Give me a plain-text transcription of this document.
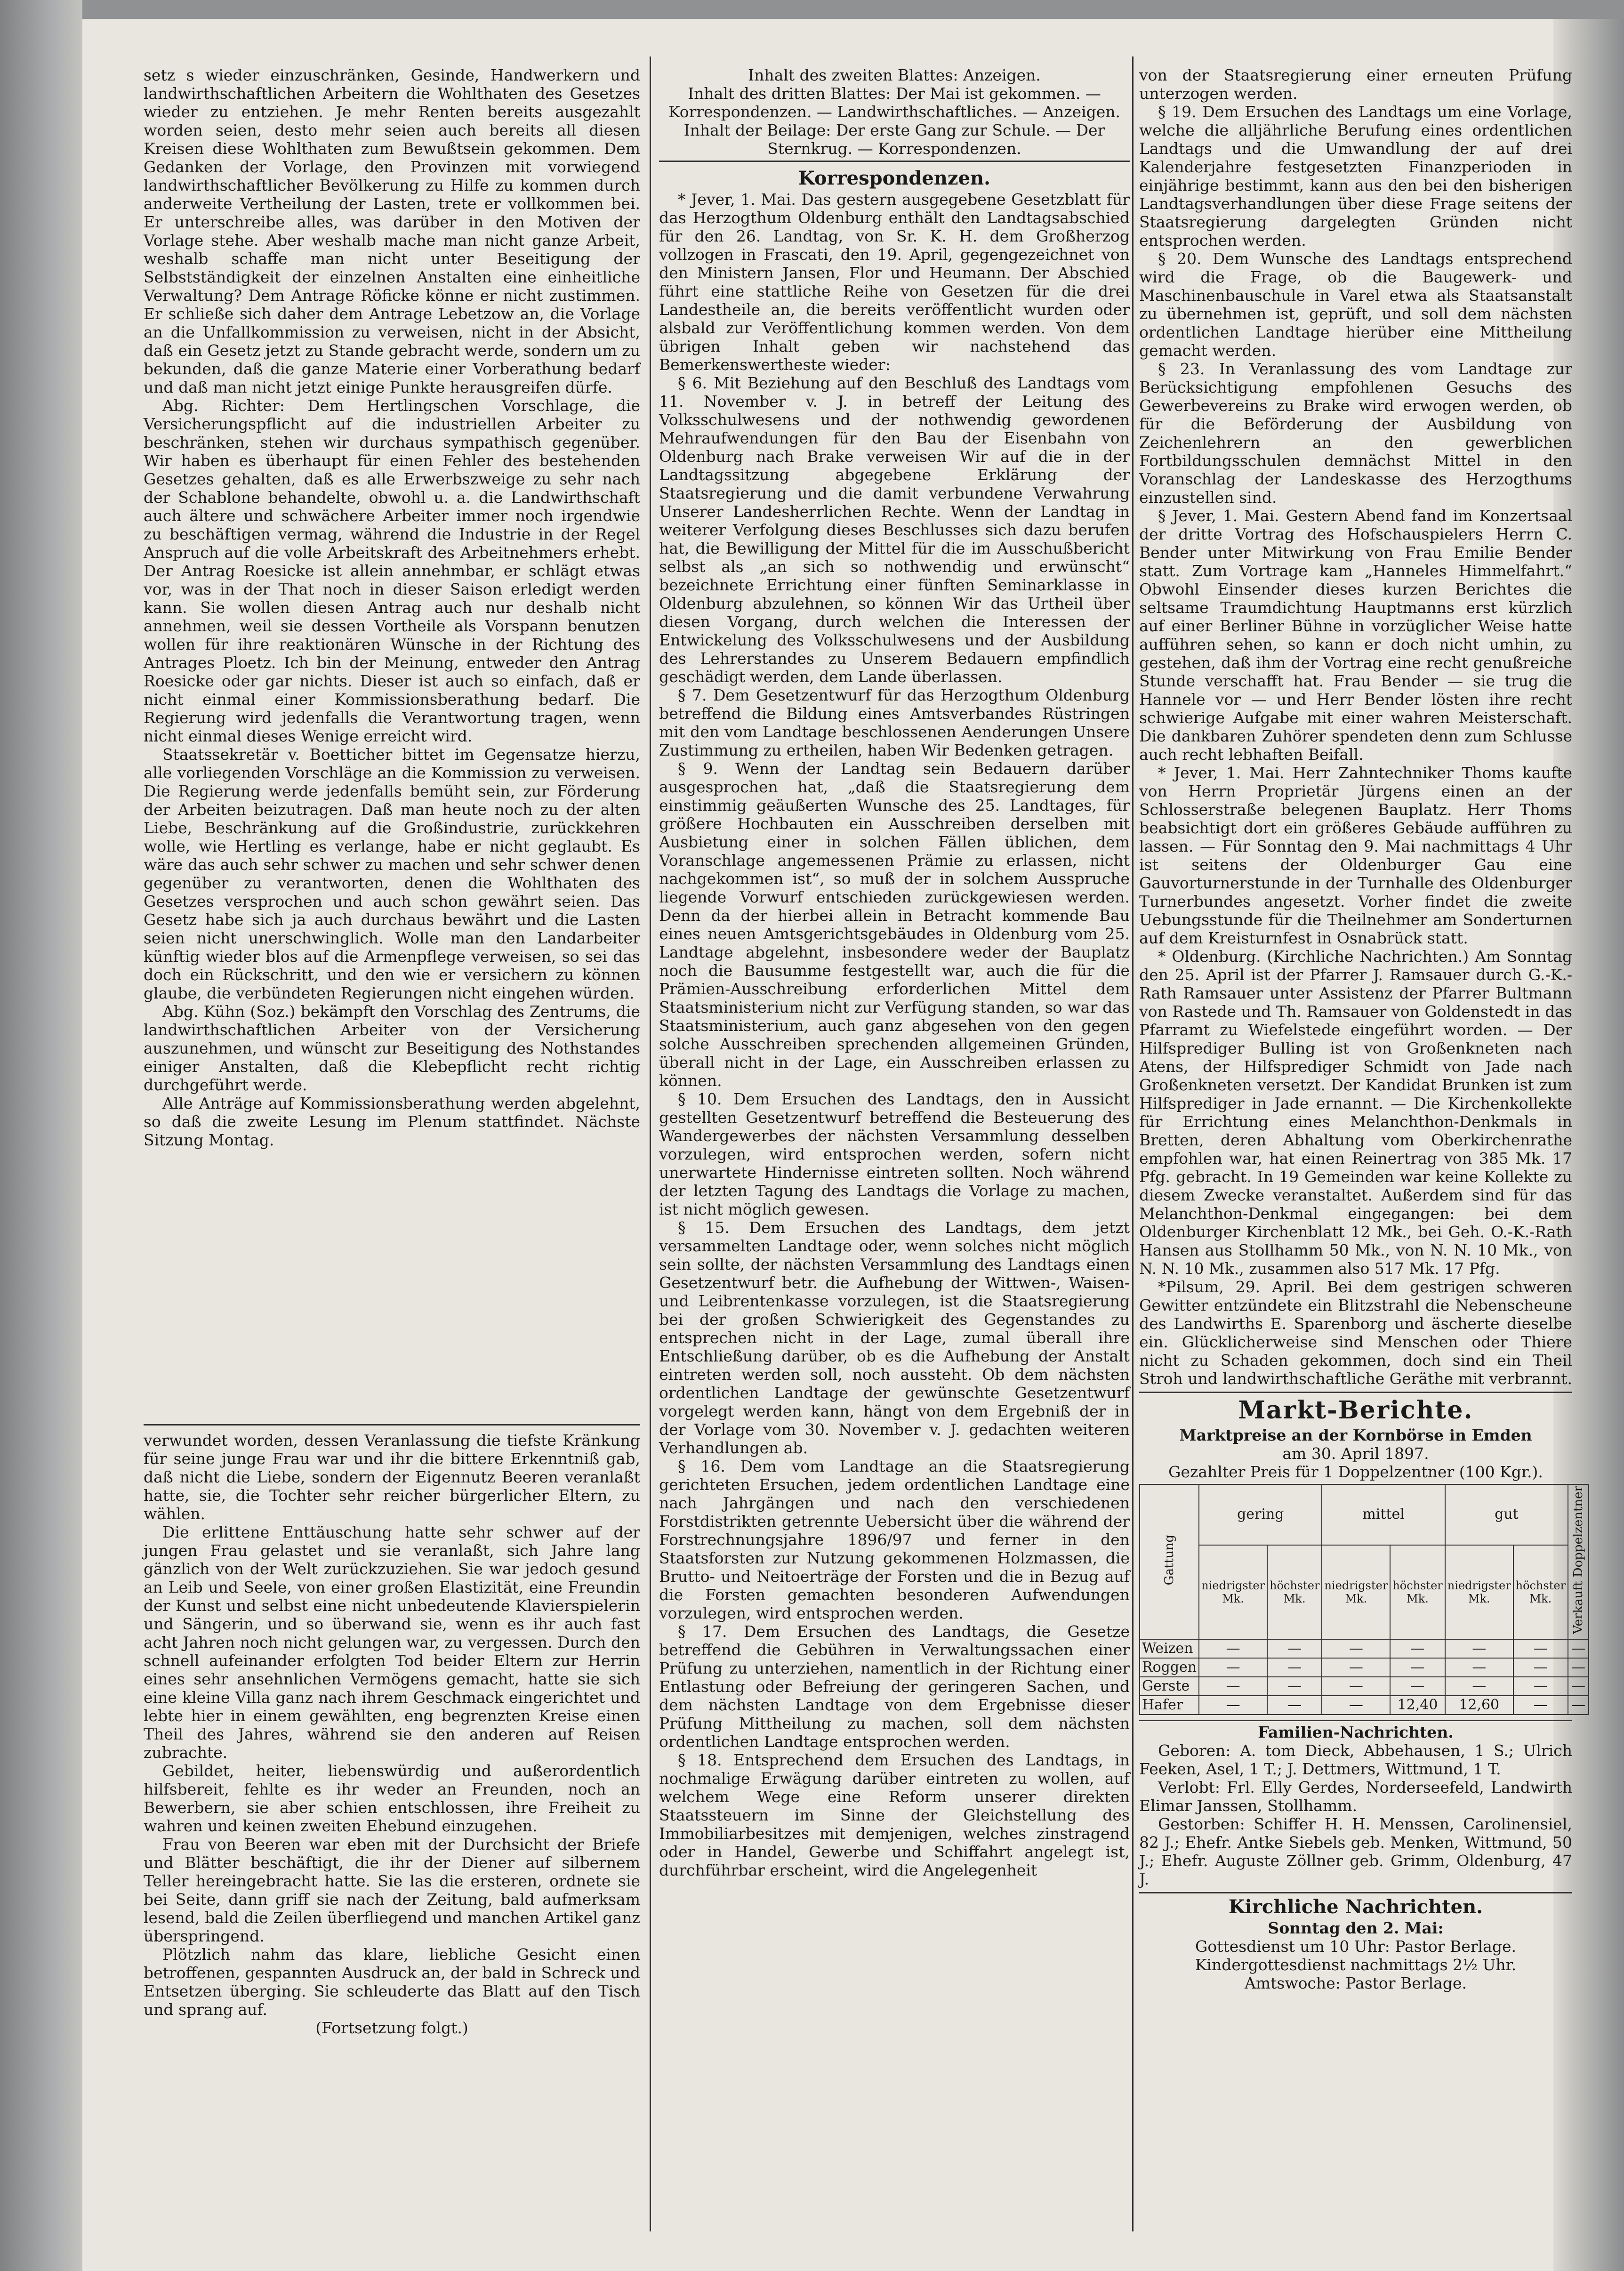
setz s wieder einzuschränken, Gesinde, Handwerkern und landwirthschaftlichen Arbeitern die Wohlthaten des Gesetzes wieder zu entziehen. Je mehr Renten bereits ausgezahlt worden seien, desto mehr seien auch bereits all diesen Kreisen diese Wohlthaten zum Bewußtsein gekommen. Dem Gedanken der Vorlage, den Provinzen mit vorwiegend landwirthschaftlicher Bevölkerung zu Hilfe zu kommen durch anderweite Vertheilung der Lasten, trete er vollkommen bei. Er unterschreibe alles, was darüber in den Motiven der Vorlage stehe. Aber weshalb mache man nicht ganze Arbeit, weshalb schaffe man nicht unter Beseitigung der Selbstständigkeit der einzelnen Anstalten eine einheitliche Verwaltung? Dem Antrage Röficke könne er nicht zustimmen. Er schließe sich daher dem Antrage Lebetzow an, die Vorlage an die Unfallkommission zu verweisen, nicht in der Absicht, daß ein Gesetz jetzt zu Stande gebracht werde, sondern um zu bekunden, daß die ganze Materie einer Vorberathung bedarf und daß man nicht jetzt einige Punkte herausgreifen dürfe.

Abg. Richter: Dem Hertlingschen Vorschlage, die Versicherungspflicht auf die industriellen Arbeiter zu beschränken, stehen wir durchaus sympathisch gegenüber. Wir haben es überhaupt für einen Fehler des bestehenden Gesetzes gehalten, daß es alle Erwerbszweige zu sehr nach der Schablone behandelte, obwohl u. a. die Landwirthschaft auch ältere und schwächere Arbeiter immer noch irgendwie zu beschäftigen vermag, während die Industrie in der Regel Anspruch auf die volle Arbeitskraft des Arbeitnehmers erhebt. Der Antrag Roesicke ist allein annehmbar, er schlägt etwas vor, was in der That noch in dieser Saison erledigt werden kann. Sie wollen diesen Antrag auch nur deshalb nicht annehmen, weil sie dessen Vortheile als Vorspann benutzen wollen für ihre reaktionären Wünsche in der Richtung des Antrages Ploetz. Ich bin der Meinung, entweder den Antrag Roesicke oder gar nichts. Dieser ist auch so einfach, daß er nicht einmal einer Kommissionsberathung bedarf. Die Regierung wird jedenfalls die Verantwortung tragen, wenn nicht einmal dieses Wenige erreicht wird.

Staatssekretär v. Boetticher bittet im Gegensatze hierzu, alle vorliegenden Vorschläge an die Kommission zu verweisen. Die Regierung werde jedenfalls bemüht sein, zur Förderung der Arbeiten beizutragen. Daß man heute noch zu der alten Liebe, Beschränkung auf die Großindustrie, zurückkehren wolle, wie Hertling es verlange, habe er nicht geglaubt. Es wäre das auch sehr schwer zu machen und sehr schwer denen gegenüber zu verantworten, denen die Wohlthaten des Gesetzes versprochen und auch schon gewährt seien. Das Gesetz habe sich ja auch durchaus bewährt und die Lasten seien nicht unerschwinglich. Wolle man den Landarbeiter künftig wieder blos auf die Armenpflege verweisen, so sei das doch ein Rückschritt, und den wie er versichern zu können glaube, die verbündeten Regierungen nicht eingehen würden.

Abg. Kühn (Soz.) bekämpft den Vorschlag des Zentrums, die landwirthschaftlichen Arbeiter von der Versicherung auszunehmen, und wünscht zur Beseitigung des Nothstandes einiger Anstalten, daß die Klebepflicht recht richtig durchgeführt werde.

Alle Anträge auf Kommissionsberathung werden abgelehnt, so daß die zweite Lesung im Plenum stattfindet. Nächste Sitzung Montag.

verwundet worden, dessen Veranlassung die tiefste Kränkung für seine junge Frau war und ihr die bittere Erkenntniß gab, daß nicht die Liebe, sondern der Eigennutz Beeren veranlaßt hatte, sie, die Tochter sehr reicher bürgerlicher Eltern, zu wählen.

Die erlittene Enttäuschung hatte sehr schwer auf der jungen Frau gelastet und sie veranlaßt, sich Jahre lang gänzlich von der Welt zurückzuziehen. Sie war jedoch gesund an Leib und Seele, von einer großen Elastizität, eine Freundin der Kunst und selbst eine nicht unbedeutende Klavierspielerin und Sängerin, und so überwand sie, wenn es ihr auch fast acht Jahren noch nicht gelungen war, zu vergessen. Durch den schnell aufeinander erfolgten Tod beider Eltern zur Herrin eines sehr ansehnlichen Vermögens gemacht, hatte sie sich eine kleine Villa ganz nach ihrem Geschmack eingerichtet und lebte hier in einem gewählten, eng begrenzten Kreise einen Theil des Jahres, während sie den anderen auf Reisen zubrachte.

Gebildet, heiter, liebenswürdig und außerordentlich hilfsbereit, fehlte es ihr weder an Freunden, noch an Bewerbern, sie aber schien entschlossen, ihre Freiheit zu wahren und keinen zweiten Ehebund einzugehen.

Frau von Beeren war eben mit der Durchsicht der Briefe und Blätter beschäftigt, die ihr der Diener auf silbernem Teller hereingebracht hatte. Sie las die ersteren, ordnete sie bei Seite, dann griff sie nach der Zeitung, bald aufmerksam lesend, bald die Zeilen überfliegend und manchen Artikel ganz überspringend.

Plötzlich nahm das klare, liebliche Gesicht einen betroffenen, gespannten Ausdruck an, der bald in Schreck und Entsetzen überging. Sie schleuderte das Blatt auf den Tisch und sprang auf.

(Fortsetzung folgt.)

Inhalt des zweiten Blattes: Anzeigen.

Inhalt des dritten Blattes: Der Mai ist gekommen. — Korrespondenzen. — Landwirthschaftliches. — Anzeigen.

Inhalt der Beilage: Der erste Gang zur Schule. — Der Sternkrug. — Korrespondenzen.

Korrespondenzen.

* Jever, 1. Mai. Das gestern ausgegebene Gesetzblatt für das Herzogthum Oldenburg enthält den Landtagsabschied für den 26. Landtag, von Sr. K. H. dem Großherzog vollzogen in Frascati, den 19. April, gegengezeichnet von den Ministern Jansen, Flor und Heumann. Der Abschied führt eine stattliche Reihe von Gesetzen für die drei Landestheile an, die bereits veröffentlicht wurden oder alsbald zur Veröffentlichung kommen werden. Von dem übrigen Inhalt geben wir nachstehend das Bemerkenswertheste wieder:

§ 6. Mit Beziehung auf den Beschluß des Landtags vom 11. November v. J. in betreff der Leitung des Volksschulwesens und der nothwendig gewordenen Mehraufwendungen für den Bau der Eisenbahn von Oldenburg nach Brake verweisen Wir auf die in der Landtagssitzung abgegebene Erklärung der Staatsregierung und die damit verbundene Verwahrung Unserer Landesherrlichen Rechte. Wenn der Landtag in weiterer Verfolgung dieses Beschlusses sich dazu berufen hat, die Bewilligung der Mittel für die im Ausschußbericht selbst als „an sich so nothwendig und erwünscht“ bezeichnete Errichtung einer fünften Seminarklasse in Oldenburg abzulehnen, so können Wir das Urtheil über diesen Vorgang, durch welchen die Interessen der Entwickelung des Volksschulwesens und der Ausbildung des Lehrerstandes zu Unserem Bedauern empfindlich geschädigt werden, dem Lande überlassen.

§ 7. Dem Gesetzentwurf für das Herzogthum Oldenburg betreffend die Bildung eines Amtsverbandes Rüstringen mit den vom Landtage beschlossenen Aenderungen Unsere Zustimmung zu ertheilen, haben Wir Bedenken getragen.

§ 9. Wenn der Landtag sein Bedauern darüber ausgesprochen hat, „daß die Staatsregierung dem einstimmig geäußerten Wunsche des 25. Landtages, für größere Hochbauten ein Ausschreiben derselben mit Ausbietung einer in solchen Fällen üblichen, dem Voranschlage angemessenen Prämie zu erlassen, nicht nachgekommen ist“, so muß der in solchem Ausspruche liegende Vorwurf entschieden zurückgewiesen werden. Denn da der hierbei allein in Betracht kommende Bau eines neuen Amtsgerichtsgebäudes in Oldenburg vom 25. Landtage abgelehnt, insbesondere weder der Bauplatz noch die Bausumme festgestellt war, auch die für die Prämien-Ausschreibung erforderlichen Mittel dem Staatsministerium nicht zur Verfügung standen, so war das Staatsministerium, auch ganz abgesehen von den gegen solche Ausschreiben sprechenden allgemeinen Gründen, überall nicht in der Lage, ein Ausschreiben erlassen zu können.

§ 10. Dem Ersuchen des Landtags, den in Aussicht gestellten Gesetzentwurf betreffend die Besteuerung des Wandergewerbes der nächsten Versammlung desselben vorzulegen, wird entsprochen werden, sofern nicht unerwartete Hindernisse eintreten sollten. Noch während der letzten Tagung des Landtags die Vorlage zu machen, ist nicht möglich gewesen.

§ 15. Dem Ersuchen des Landtags, dem jetzt versammelten Landtage oder, wenn solches nicht möglich sein sollte, der nächsten Versammlung des Landtags einen Gesetzentwurf betr. die Aufhebung der Wittwen-, Waisen- und Leibrentenkasse vorzulegen, ist die Staatsregierung bei der großen Schwierigkeit des Gegenstandes zu entsprechen nicht in der Lage, zumal überall ihre Entschließung darüber, ob es die Aufhebung der Anstalt eintreten werden soll, noch aussteht. Ob dem nächsten ordentlichen Landtage der gewünschte Gesetzentwurf vorgelegt werden kann, hängt von dem Ergebniß der in der Vorlage vom 30. November v. J. gedachten weiteren Verhandlungen ab.

§ 16. Dem vom Landtage an die Staatsregierung gerichteten Ersuchen, jedem ordentlichen Landtage eine nach Jahrgängen und nach den verschiedenen Forstdistrikten getrennte Uebersicht über die während der Forstrechnungsjahre 1896/97 und ferner in den Staatsforsten zur Nutzung gekommenen Holzmassen, die Brutto- und Neitoerträge der Forsten und die in Bezug auf die Forsten gemachten besonderen Aufwendungen vorzulegen, wird entsprochen werden.

§ 17. Dem Ersuchen des Landtags, die Gesetze betreffend die Gebühren in Verwaltungssachen einer Prüfung zu unterziehen, namentlich in der Richtung einer Entlastung oder Befreiung der geringeren Sachen, und dem nächsten Landtage von dem Ergebnisse dieser Prüfung Mittheilung zu machen, soll dem nächsten ordentlichen Landtage entsprochen werden.

§ 18. Entsprechend dem Ersuchen des Landtags, in nochmalige Erwägung darüber eintreten zu wollen, auf welchem Wege eine Reform unserer direkten Staatssteuern im Sinne der Gleichstellung des Immobiliarbesitzes mit demjenigen, welches zinstragend oder in Handel, Gewerbe und Schiffahrt angelegt ist, durchführbar erscheint, wird die Angelegenheit

von der Staatsregierung einer erneuten Prüfung unterzogen werden.

§ 19. Dem Ersuchen des Landtags um eine Vorlage, welche die alljährliche Berufung eines ordentlichen Landtags und die Umwandlung der auf drei Kalenderjahre festgesetzten Finanzperioden in einjährige bestimmt, kann aus den bei den bisherigen Landtagsverhandlungen über diese Frage seitens der Staatsregierung dargelegten Gründen nicht entsprochen werden.

§ 20. Dem Wunsche des Landtags entsprechend wird die Frage, ob die Baugewerk- und Maschinenbauschule in Varel etwa als Staatsanstalt zu übernehmen ist, geprüft, und soll dem nächsten ordentlichen Landtage hierüber eine Mittheilung gemacht werden.

§ 23. In Veranlassung des vom Landtage zur Berücksichtigung empfohlenen Gesuchs des Gewerbevereins zu Brake wird erwogen werden, ob für die Beförderung der Ausbildung von Zeichenlehrern an den gewerblichen Fortbildungsschulen demnächst Mittel in den Voranschlag der Landeskasse des Herzogthums einzustellen sind.

§ Jever, 1. Mai. Gestern Abend fand im Konzertsaal der dritte Vortrag des Hofschauspielers Herrn C. Bender unter Mitwirkung von Frau Emilie Bender statt. Zum Vortrage kam „Hanneles Himmelfahrt.“ Obwohl Einsender dieses kurzen Berichtes die seltsame Traumdichtung Hauptmanns erst kürzlich auf einer Berliner Bühne in vorzüglicher Weise hatte aufführen sehen, so kann er doch nicht umhin, zu gestehen, daß ihm der Vortrag eine recht genußreiche Stunde verschafft hat. Frau Bender — sie trug die Hannele vor — und Herr Bender lösten ihre recht schwierige Aufgabe mit einer wahren Meisterschaft. Die dankbaren Zuhörer spendeten denn zum Schlusse auch recht lebhaften Beifall.

* Jever, 1. Mai. Herr Zahntechniker Thoms kaufte von Herrn Proprietär Jürgens einen an der Schlosserstraße belegenen Bauplatz. Herr Thoms beabsichtigt dort ein größeres Gebäude aufführen zu lassen. — Für Sonntag den 9. Mai nachmittags 4 Uhr ist seitens der Oldenburger Gau eine Gauvorturnerstunde in der Turnhalle des Oldenburger Turnerbundes angesetzt. Vorher findet die zweite Uebungsstunde für die Theilnehmer am Sonderturnen auf dem Kreisturnfest in Osnabrück statt.

* Oldenburg. (Kirchliche Nachrichten.) Am Sonntag den 25. April ist der Pfarrer J. Ramsauer durch G.-K.-Rath Ramsauer unter Assistenz der Pfarrer Bultmann von Rastede und Th. Ramsauer von Goldenstedt in das Pfarramt zu Wiefelstede eingeführt worden. — Der Hilfsprediger Bulling ist von Großenkneten nach Atens, der Hilfsprediger Schmidt von Jade nach Großenkneten versetzt. Der Kandidat Brunken ist zum Hilfsprediger in Jade ernannt. — Die Kirchenkollekte für Errichtung eines Melanchthon-Denkmals in Bretten, deren Abhaltung vom Oberkirchenrathe empfohlen war, hat einen Reinertrag von 385 Mk. 17 Pfg. gebracht. In 19 Gemeinden war keine Kollekte zu diesem Zwecke veranstaltet. Außerdem sind für das Melanchthon-Denkmal eingegangen: bei dem Oldenburger Kirchenblatt 12 Mk., bei Geh. O.-K.-Rath Hansen aus Stollhamm 50 Mk., von N. N. 10 Mk., von N. N. 10 Mk., zusammen also 517 Mk. 17 Pfg.

*Pilsum, 29. April. Bei dem gestrigen schweren Gewitter entzündete ein Blitzstrahl die Nebenscheune des Landwirths E. Sparenborg und äscherte dieselbe ein. Glücklicherweise sind Menschen oder Thiere nicht zu Schaden gekommen, doch sind ein Theil Stroh und landwirthschaftliche Geräthe mit verbrannt.

Markt-Berichte.

Marktpreise an der Kornbörse in Emden

am 30. April 1897.

Gezahlter Preis für 1 Doppelzentner (100 Kgr.).

Gattung	gering		mittel		gut		Verkauft Doppelzentner
	niedrigster Mk.	höchster Mk.	niedrigster Mk.	höchster Mk.	niedrigster Mk.	höchster Mk.	
Weizen	—	—	—	—	—	—	—
Roggen	—	—	—	—	—	—	—
Gerste	—	—	—	—	—	—	—
Hafer	—	—	—	12,40	12,60	—	—

Familien-Nachrichten.

Geboren: A. tom Dieck, Abbehausen, 1 S.; Ulrich Feeken, Asel, 1 T.; J. Dettmers, Wittmund, 1 T.

Verlobt: Frl. Elly Gerdes, Norderseefeld, Landwirth Elimar Janssen, Stollhamm.

Gestorben: Schiffer H. H. Menssen, Carolinensiel, 82 J.; Ehefr. Antke Siebels geb. Menken, Wittmund, 50 J.; Ehefr. Auguste Zöllner geb. Grimm, Oldenburg, 47 J.

Kirchliche Nachrichten.

Sonntag den 2. Mai:

Gottesdienst um 10 Uhr: Pastor Berlage.

Kindergottesdienst nachmittags 2½ Uhr.

Amtswoche: Pastor Berlage.
